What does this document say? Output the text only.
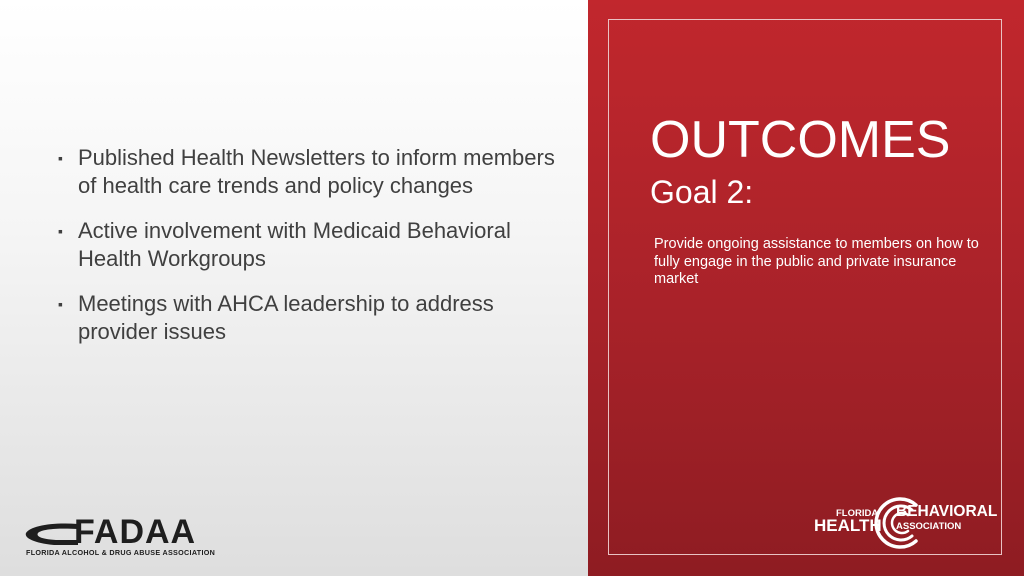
▪ Published Health Newsletters to inform members of health care trends and policy changes
▪ Active involvement with Medicaid Behavioral Health Workgroups
▪ Meetings with AHCA leadership to address provider issues
FADAA
FLORIDA ALCOHOL & DRUG ABUSE ASSOCIATION
OUTCOMES
Goal 2:

Provide ongoing assistance to members on how to fully engage in the public and private insurance market

FLORIDA
HEALTH
BEHAVIORAL
ASSOCIATION
